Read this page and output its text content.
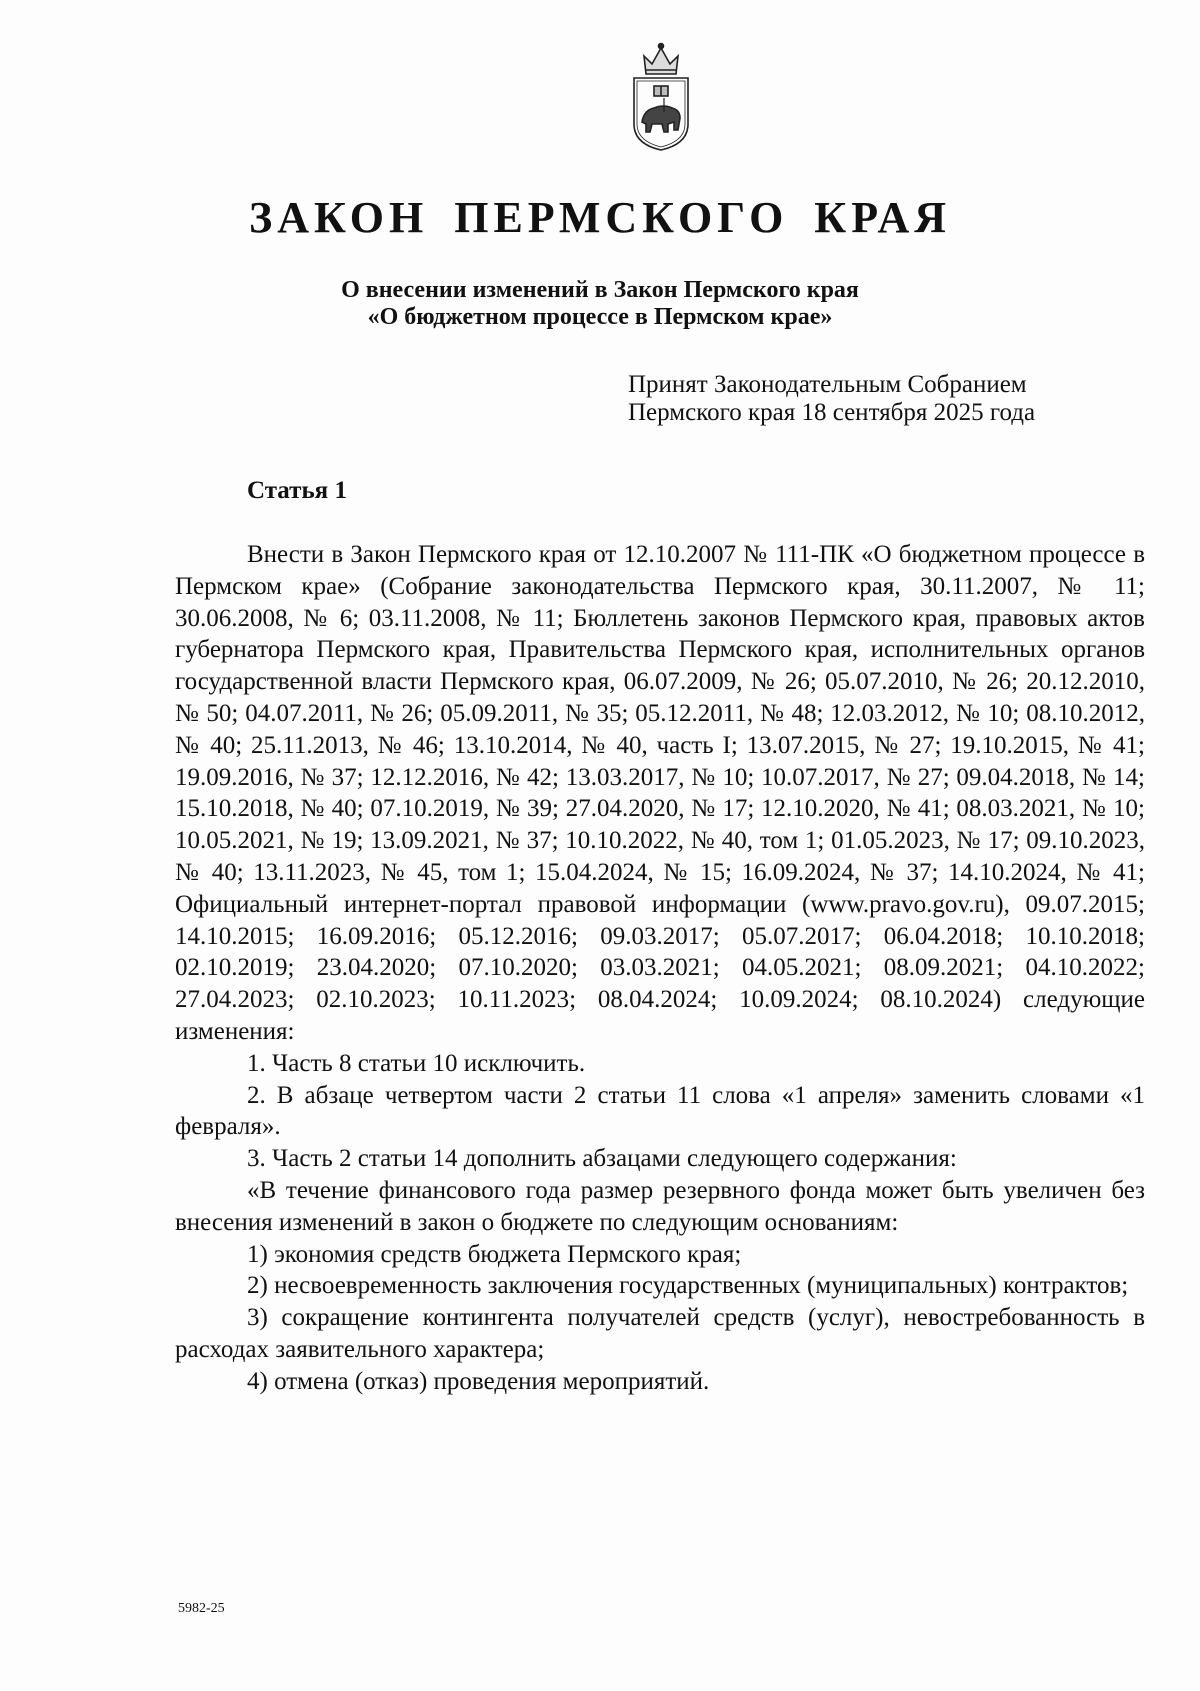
ЗАКОН ПЕРМСКОГО КРАЯ
О внесении изменений в Закон Пермского края
«О бюджетном процессе в Пермском крае»
Принят Законодательным Собранием
Пермского края 18 сентября 2025 года
Статья 1

Внести в Закон Пермского края от 12.10.2007 № 111-ПК «О бюджетном процессе в Пермском крае» (Собрание законодательства Пермского края, 30.11.2007, № 11; 30.06.2008, № 6; 03.11.2008, № 11; Бюллетень законов Пермского края, правовых актов губернатора Пермского края, Правительства Пермского края, исполнительных органов государственной власти Пермского края, 06.07.2009, № 26; 05.07.2010, № 26; 20.12.2010, № 50; 04.07.2011, № 26; 05.09.2011, № 35; 05.12.2011, № 48; 12.03.2012, № 10; 08.10.2012, № 40; 25.11.2013, № 46; 13.10.2014, № 40, часть I; 13.07.2015, № 27; 19.10.2015, № 41; 19.09.2016, № 37; 12.12.2016, № 42; 13.03.2017, № 10; 10.07.2017, № 27; 09.04.2018, № 14; 15.10.2018, № 40; 07.10.2019, № 39; 27.04.2020, № 17; 12.10.2020, № 41; 08.03.2021, № 10; 10.05.2021, № 19; 13.09.2021, № 37; 10.10.2022, № 40, том 1; 01.05.2023, № 17; 09.10.2023, № 40; 13.11.2023, № 45, том 1; 15.04.2024, № 15; 16.09.2024, № 37; 14.10.2024, № 41; Официальный интернет-портал правовой информации (www.pravo.gov.ru), 09.07.2015; 14.10.2015; 16.09.2016; 05.12.2016; 09.03.2017; 05.07.2017; 06.04.2018; 10.10.2018; 02.10.2019; 23.04.2020; 07.10.2020; 03.03.2021; 04.05.2021; 08.09.2021; 04.10.2022; 27.04.2023; 02.10.2023; 10.11.2023; 08.04.2024; 10.09.2024; 08.10.2024) следующие изменения:

1. Часть 8 статьи 10 исключить.

2. В абзаце четвертом части 2 статьи 11 слова «1 апреля» заменить словами «1 февраля».

3. Часть 2 статьи 14 дополнить абзацами следующего содержания:

«В течение финансового года размер резервного фонда может быть увеличен без внесения изменений в закон о бюджете по следующим основаниям:

1) экономия средств бюджета Пермского края;

2) несвоевременность заключения государственных (муниципальных) контрактов;

3) сокращение контингента получателей средств (услуг), невостребованность в расходах заявительного характера;

4) отмена (отказ) проведения мероприятий.

5982-25
